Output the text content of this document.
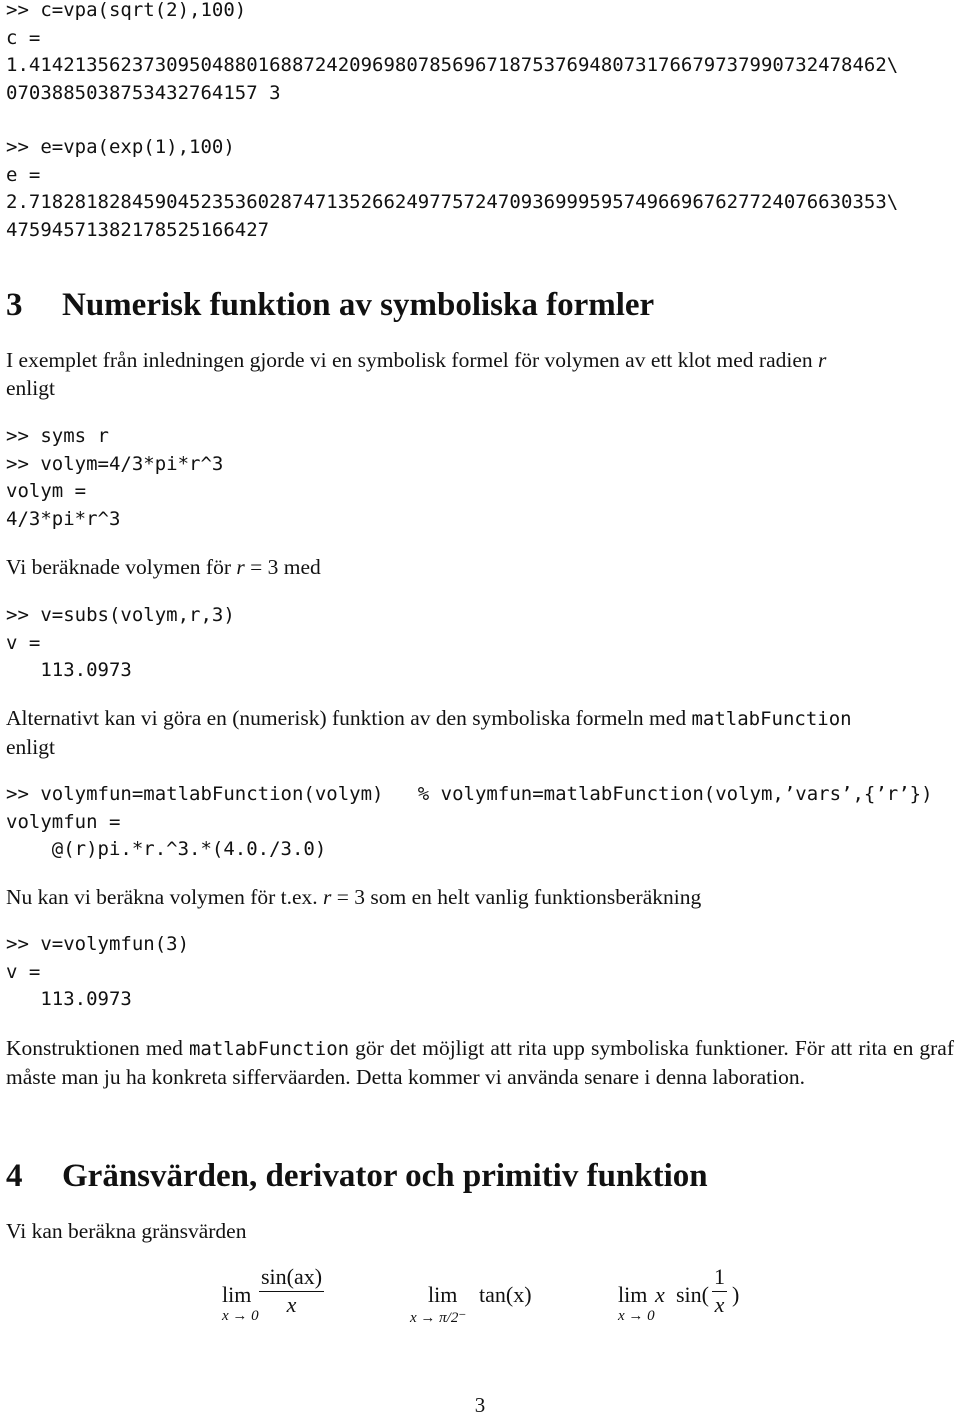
>> c=vpa(sqrt(2),100)
c =
1.414213562373095048801688724209698078569671875376948073176679737990732478462\
0703885038753432764157 3
>> e=vpa(exp(1),100)
e =
2.718281828459045235360287471352662497757247093699959574966967627724076630353\
47594571382178525166427
3 Numerisk funktion av symboliska formler

I exemplet från inledningen gjorde vi en symbolisk formel för volymen av ett klot med radien r
enligt

>> syms r
>> volym=4/3*pi*r^3
volym =
4/3*pi*r^3

Vi beräknade volymen för r = 3 med

>> v=subs(volym,r,3)
v =
113.0973

Alternativt kan vi göra en (numerisk) funktion av den symboliska formeln med matlabFunction
enligt

>> volymfun=matlabFunction(volym)   % volymfun=matlabFunction(volym,’vars’,{’r’})
volymfun =
@(r)pi.*r.^3.*(4.0./3.0)

Nu kan vi beräkna volymen för t.ex. r = 3 som en helt vanlig funktionsberäkning

>> v=volymfun(3)
v =
113.0973

Konstruktionen med matlabFunction gör det möjligt att rita upp symboliska funktioner. För att rita en graf måste man ju ha konkreta sifferväarden. Detta kommer vi använda senare i denna laboration.

4 Gränsvärden, derivator och primitiv funktion

Vi kan beräkna gränsvärden

lim
$x \to 0 \frac{\sin(ax)}{x}$	lim
x → π/2⁻
tan(x)	lim
x → 0
x $\sin( \frac{1}{x}$ )
3
